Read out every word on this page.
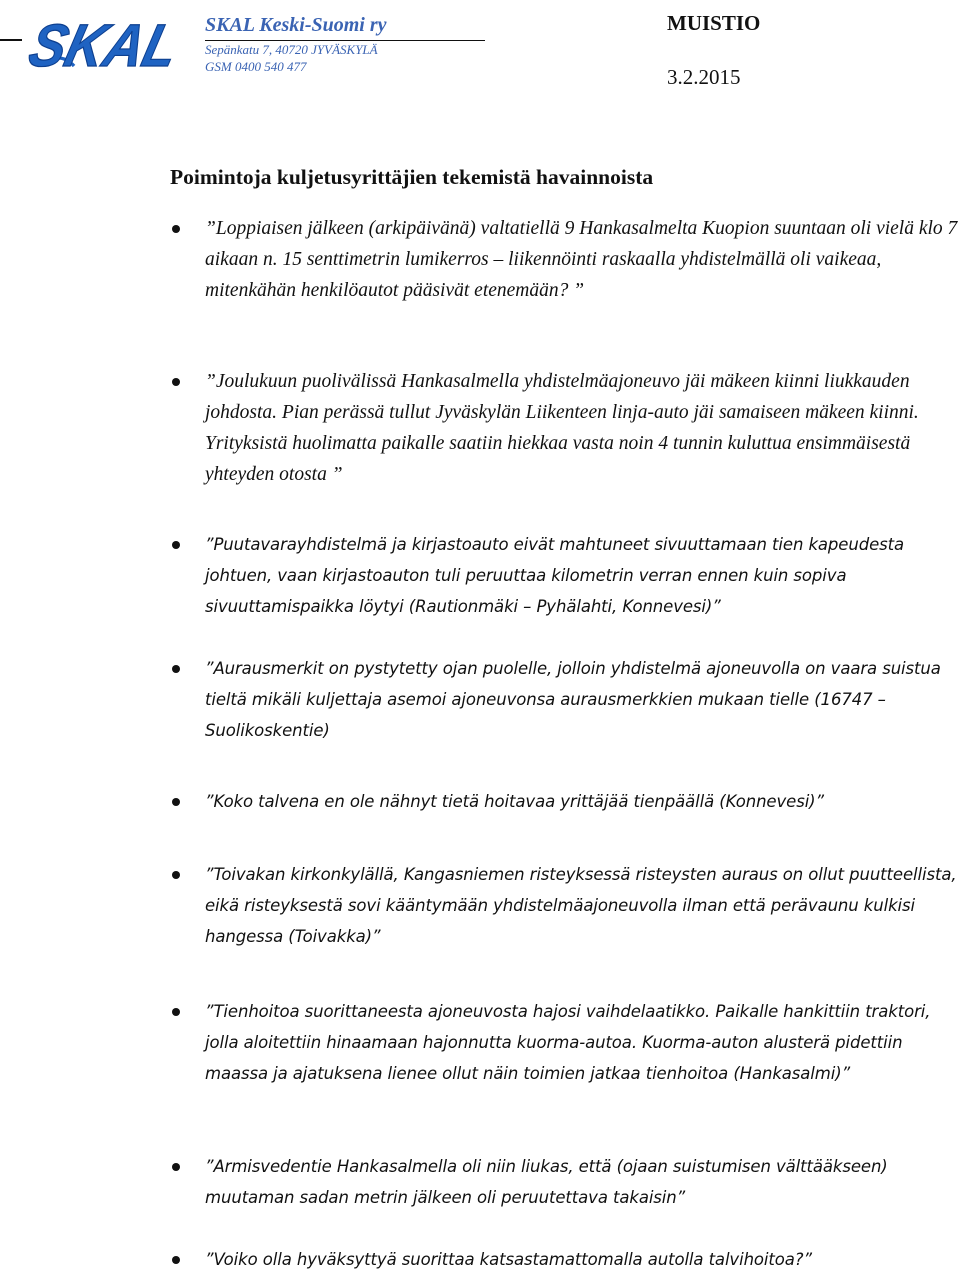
SKAL SKAL Keski-Suomi ry
Sepänkatu 7, 40720 JYVÄSKYLÄ
GSM 0400 540 477
MUISTIO
3.2.2015
Poimintoja kuljetusyrittäjien tekemistä havainnoista
”Loppiaisen jälkeen (arkipäivänä) valtatiellä 9 Hankasalmelta Kuopion suuntaan oli vielä klo 7 aikaan n. 15 senttimetrin lumikerros – liikennöinti raskaalla yhdistelmällä oli vaikeaa, mitenkähän henkilöautot pääsivät etenemään? ”
”Joulukuun puolivälissä Hankasalmella yhdistelmäajoneuvo jäi mäkeen kiinni liukkauden johdosta. Pian perässä tullut Jyväskylän Liikenteen linja-auto jäi samaiseen mäkeen kiinni. Yrityksistä huolimatta paikalle saatiin hiekkaa vasta noin 4 tunnin kuluttua ensimmäisestä yhteyden otosta ”
”Puutavarayhdistelmä ja kirjastoauto eivät mahtuneet sivuuttamaan tien kapeudesta johtuen, vaan kirjastoauton tuli peruuttaa kilometrin verran ennen kuin sopiva sivuuttamispaikka löytyi (Rautionmäki – Pyhälahti, Konnevesi)”
”Aurausmerkit on pystytetty ojan puolelle, jolloin yhdistelmä ajoneuvolla on vaara suistua tieltä mikäli kuljettaja asemoi ajoneuvonsa aurausmerkkien mukaan tielle (16747 – Suolikoskentie)
”Koko talvena en ole nähnyt tietä hoitavaa yrittäjää tienpäällä (Konnevesi)”
”Toivakan kirkonkylällä, Kangasniemen risteyksessä risteysten auraus on ollut puutteellista, eikä risteyksestä sovi kääntymään yhdistelmäajoneuvolla ilman että perävaunu kulkisi hangessa (Toivakka)”
”Tienhoitoa suorittaneesta ajoneuvosta hajosi vaihdelaatikko. Paikalle hankittiin traktori, jolla aloitettiin hinaamaan hajonnutta kuorma-autoa. Kuorma-auton alusterä pidettiin maassa ja ajatuksena lienee ollut näin toimien jatkaa tienhoitoa (Hankasalmi)”
”Armisvedentie Hankasalmella oli niin liukas, että (ojaan suistumisen välttääkseen) muutaman sadan metrin jälkeen oli peruutettava takaisin”
”Voiko olla hyväksyttyä suorittaa katsastamattomalla autolla talvihoitoa?”
